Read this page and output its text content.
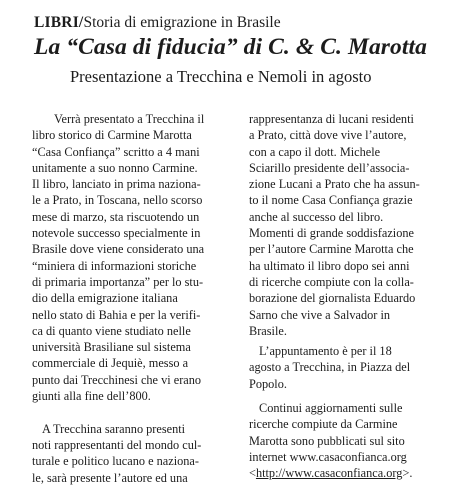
LIBRI/Storia di emigrazione in Brasile
La “Casa di fiducia” di C. & C. Marotta
Presentazione a Trecchina e Nemoli in agosto
Verrà presentato a Trecchina il
libro storico di Carmine Marotta
“Casa Confiança” scritto a 4 mani
unitamente a suo nonno Carmine.
Il libro, lanciato in prima naziona-
le a Prato, in Toscana, nello scorso
mese di marzo, sta riscuotendo un
notevole successo specialmente in
Brasile dove viene considerato una
“miniera di informazioni storiche
di primaria importanza” per lo stu-
dio della emigrazione italiana
nello stato di Bahia e per la verifi-
ca di quanto viene studiato nelle
università Brasiliane sul sistema
commerciale di Jequiè, messo a
punto dai Trecchinesi che vi erano
giunti alla fine dell’800.
A Trecchina saranno presenti
noti rappresentanti del mondo cul-
turale e politico lucano e naziona-
le, sarà presente l’autore ed una
rappresentanza di lucani residenti
a Prato, città dove vive l’autore,
con a capo il dott. Michele
Sciarillo presidente dell’associa-
zione Lucani a Prato che ha assun-
to il nome Casa Confiança grazie
anche al successo del libro.
Momenti di grande soddisfazione
per l’autore Carmine Marotta che
ha ultimato il libro dopo sei anni
di ricerche compiute con la colla-
borazione del giornalista Eduardo
Sarno che vive a Salvador in
Brasile.
L’appuntamento è per il 18
agosto a Trecchina, in Piazza del
Popolo.
Continui aggiornamenti sulle
ricerche compiute da Carmine
Marotta sono pubblicati sul sito
internet www.casaconfianca.org
<http://www.casaconfianca.org>.
